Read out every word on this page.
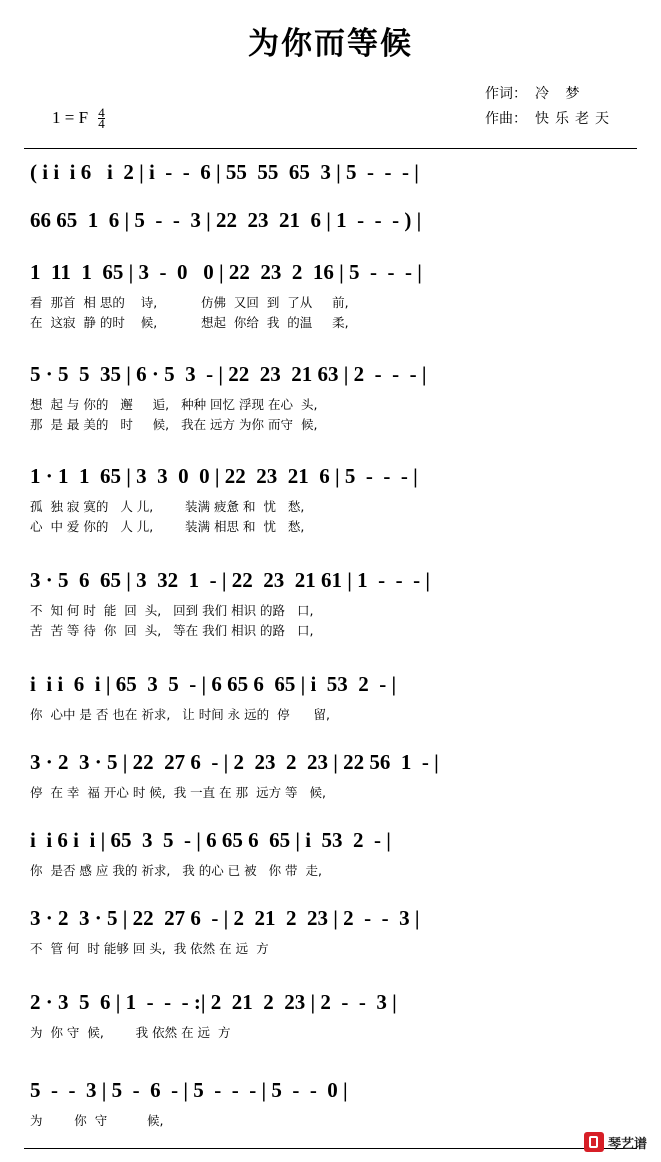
为你而等候
作词： 冷 梦
作曲： 快乐老天
1 = F $\frac{4}{4}$
( i i  i 6   i  2 | i  -  -  6 | 55  55  65  3 | 5  -  -  - |
66 65  1  6 | 5  -  -  3 | 22  23  21  6 | 1  -  -  - ) |
1  11  1  65 | 3  -  0   0 | 22  23  2  16 | 5  -  -  - |
看  那首  相 思的    诗,           仿佛  又回  到  了从     前,
在  这寂  静 的时    候,           想起  你给  我  的温     柔,
5 · 5  5  35 | 6 · 5  3  - | 22  23  21 63 | 2  -  -  - |
想  起 与 你的   邂     逅,   种种 回忆 浮现 在心  头,
那  是 最 美的   时     候,   我在 远方 为你 而守  候,
1 · 1  1  65 | 3  3  0  0 | 22  23  21  6 | 5  -  -  - |
孤  独 寂 寞的   人 儿,        装满 疲惫 和  忧   愁,
心  中 爱 你的   人 儿,        装满 相思 和  忧   愁,
3 · 5  6  65 | 3  32  1  - | 22  23  21 61 | 1  -  -  - |
不  知 何 时  能  回  头,   回到 我们 相识 的路   口,
苦  苦 等 待  你  回  头,   等在 我们 相识 的路   口,
i  i i  6  i | 65  3  5  - | 6 65 6  65 | i  53  2  - |
你  心中 是 否 也在 祈求,   让 时间 永 远的  停      留,
3 · 2  3 · 5 | 22  27 6  - | 2  23  2  23 | 22 56  1  - |
停  在 幸  福 开心 时 候,  我 一直 在 那  远方 等   候,
i  i 6 i  i | 65  3  5  - | 6 65 6  65 | i  53  2  - |
你  是否 感 应 我的 祈求,   我 的心 已 被   你 带  走,
3 · 2  3 · 5 | 22  27 6  - | 2  21  2  23 | 2  -  -  3 |
不  管 何  时 能够 回 头,  我 依然 在 远  方
2 · 3  5  6 | 1  -  -  - :| 2  21  2  23 | 2  -  -  3 |
为  你 守  候,        我 依然 在 远  方
5  -  -  3 | 5  -  6  - | 5  -  -  - | 5  -  -  0 |
为        你  守          候,
琴艺谱
